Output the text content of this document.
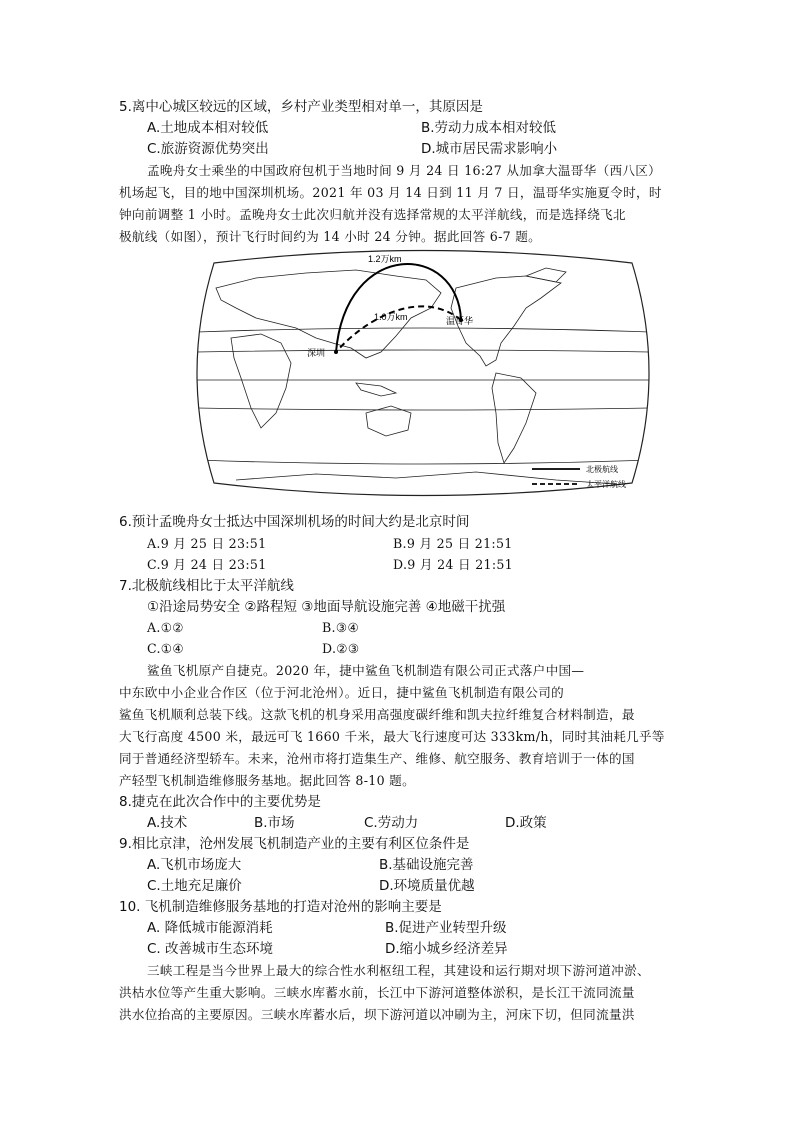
5.离中心城区较远的区域，乡村产业类型相对单一，其原因是
A.土地成本相对较低	B.劳动力成本相对较低
C.旅游资源优势突出	D.城市居民需求影响小
孟晚舟女士乘坐的中国政府包机于当地时间 9 月 24 日 16:27 从加拿大温哥华（西八区）
机场起飞，目的地中国深圳机场。2021 年 03 月 14 日到 11 月 7 日，温哥华实施夏令时，时
钟向前调整 1 小时。孟晚舟女士此次归航并没有选择常规的太平洋航线，而是选择绕飞北
极航线（如图），预计飞行时间约为 14 小时 24 分钟。据此回答 6-7 题。
1.2万km
1.0万km
深圳
温哥华
北极航线
太平洋航线
6.预计孟晚舟女士抵达中国深圳机场的时间大约是北京时间
A.9 月 25 日 23:51	B.9 月 25 日 21:51
C.9 月 24 日 23:51	D.9 月 24 日 21:51
7.北极航线相比于太平洋航线
①沿途局势安全 ②路程短 ③地面导航设施完善 ④地磁干扰强
A.①②	B.③④
C.①④	D.②③
鲨鱼飞机原产自捷克。2020 年，捷中鲨鱼飞机制造有限公司正式落户中国—
中东欧中小企业合作区（位于河北沧州）。近日，捷中鲨鱼飞机制造有限公司的
鲨鱼飞机顺利总装下线。这款飞机的机身采用高强度碳纤维和凯夫拉纤维复合材料制造，最
大飞行高度 4500 米，最远可飞 1660 千米，最大飞行速度可达 333km/h，同时其油耗几乎等
同于普通经济型轿车。未来，沧州市将打造集生产、维修、航空服务、教育培训于一体的国
产轻型飞机制造维修服务基地。据此回答 8-10 题。
8.捷克在此次合作中的主要优势是
A.技术	B.市场	C.劳动力	D.政策
9.相比京津，沧州发展飞机制造产业的主要有利区位条件是
A.飞机市场庞大	B.基础设施完善
C.土地充足廉价	D.环境质量优越
10. 飞机制造维修服务基地的打造对沧州的影响主要是
A. 降低城市能源消耗	B.促进产业转型升级
C. 改善城市生态环境	D.缩小城乡经济差异
三峡工程是当今世界上最大的综合性水利枢纽工程，其建设和运行期对坝下游河道冲淤、
洪枯水位等产生重大影响。三峡水库蓄水前，长江中下游河道整体淤积，是长江干流同流量
洪水位抬高的主要原因。三峡水库蓄水后，坝下游河道以冲刷为主，河床下切，但同流量洪
